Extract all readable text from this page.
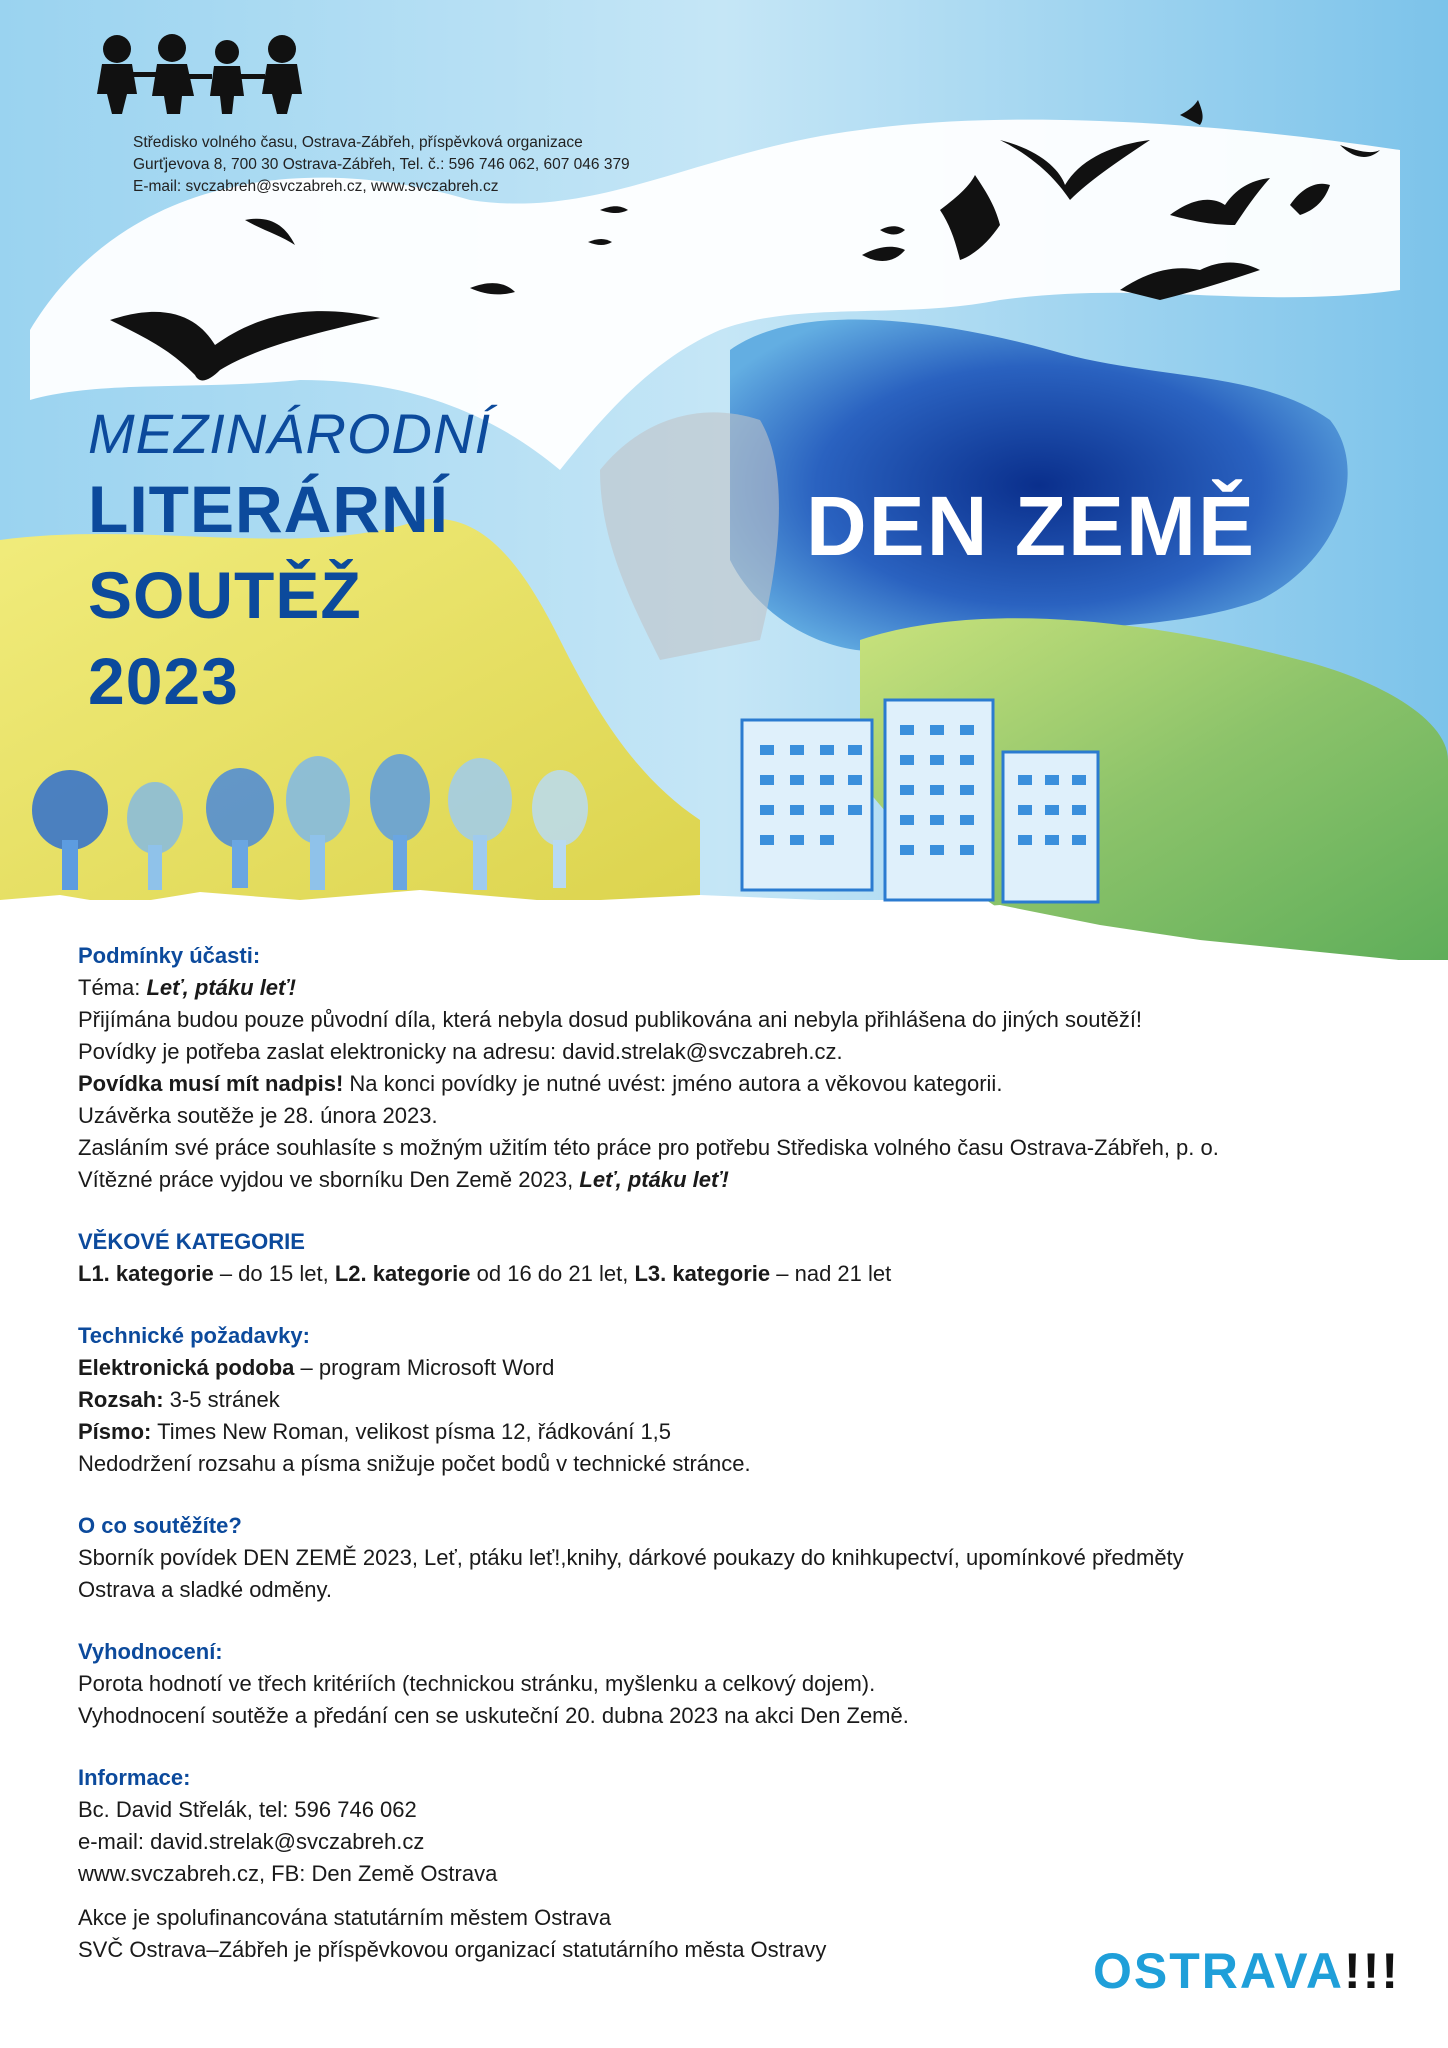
Středisko volného času, Ostrava-Zábřeh, příspěvková organizace
Gurťjevova 8, 700 30 Ostrava-Zábřeh, Tel. č.: 596 746 062, 607 046 379
E-mail: svczabreh@svczabreh.cz, www.svczabreh.cz
MEZINÁRODNÍ
LITERÁRNÍ
SOUTĚŽ
2023
DEN ZEMĚ
Podmínky účasti:
Téma: Leť, ptáku leť!
Přijímána budou pouze původní díla, která nebyla dosud publikována ani nebyla přihlášena do jiných soutěží!
Povídky je potřeba zaslat elektronicky na adresu: david.strelak@svczabreh.cz.
Povídka musí mít nadpis! Na konci povídky je nutné uvést: jméno autora a věkovou kategorii.
Uzávěrka soutěže je 28. února 2023.
Zasláním své práce souhlasíte s možným užitím této práce pro potřebu Střediska volného času Ostrava-Zábřeh, p. o.
Vítězné práce vyjdou ve sborníku Den Země 2023, Leť, ptáku leť!
VĚKOVÉ KATEGORIE
L1. kategorie – do 15 let, L2. kategorie od 16 do 21 let, L3. kategorie – nad 21 let
Technické požadavky:
Elektronická podoba – program Microsoft Word
Rozsah: 3-5 stránek
Písmo: Times New Roman, velikost písma 12, řádkování 1,5
Nedodržení rozsahu a písma snižuje počet bodů v technické stránce.
O co soutěžíte?
Sborník povídek DEN ZEMĚ 2023, Leť, ptáku leť!,knihy, dárkové poukazy do knihkupectví, upomínkové předměty
Ostrava a sladké odměny.
Vyhodnocení:
Porota hodnotí ve třech kritériích (technickou stránku, myšlenku a celkový dojem).
Vyhodnocení soutěže a předání cen se uskuteční 20. dubna 2023 na akci Den Země.
Informace:
Bc. David Střelák, tel: 596 746 062
e-mail: david.strelak@svczabreh.cz
www.svczabreh.cz, FB: Den Země Ostrava
Akce je spolufinancována statutárním městem Ostrava
SVČ Ostrava–Zábřeh je příspěvkovou organizací statutárního města Ostravy	OSTRAVA!!!
